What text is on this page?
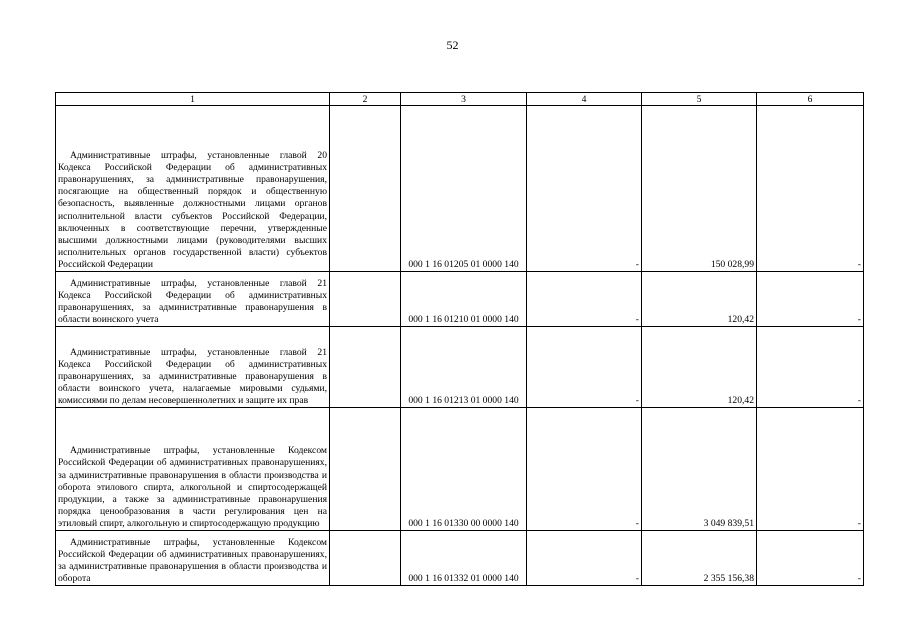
52
1	2	3	4	5	6
Административные штрафы, установленные главой 20 Кодекса Российской Федерации об административных правонарушениях, за административные правонарушения, посягающие на общественный порядок и общественную безопасность, выявленные должностными лицами органов исполнительной власти субъектов Российской Федерации, включенных в соответствующие перечни, утвержденные высшими должностными лицами (руководителями высших исполнительных органов государственной власти) субъектов Российской Федерации		000 1 16 01205 01 0000 140	-	150 028,99	-
Административные штрафы, установленные главой 21 Кодекса Российской Федерации об административных правонарушениях, за административные правонарушения в области воинского учета		000 1 16 01210 01 0000 140	-	120,42	-
Административные штрафы, установленные главой 21 Кодекса Российской Федерации об административных правонарушениях, за административные правонарушения в области воинского учета, налагаемые мировыми судьями, комиссиями по делам несовершеннолетних и защите их прав		000 1 16 01213 01 0000 140	-	120,42	-
Административные штрафы, установленные Кодексом Российской Федерации об административных правонарушениях, за административные правонарушения в области производства и оборота этилового спирта, алкогольной и спиртосодержащей продукции, а также за административные правонарушения порядка ценообразования в части регулирования цен на этиловый спирт, алкогольную и спиртосодержащую продукцию		000 1 16 01330 00 0000 140	-	3 049 839,51	-
Административные штрафы, установленные Кодексом Российской Федерации об административных правонарушениях, за административные правонарушения в области производства и оборота		000 1 16 01332 01 0000 140	-	2 355 156,38	-
